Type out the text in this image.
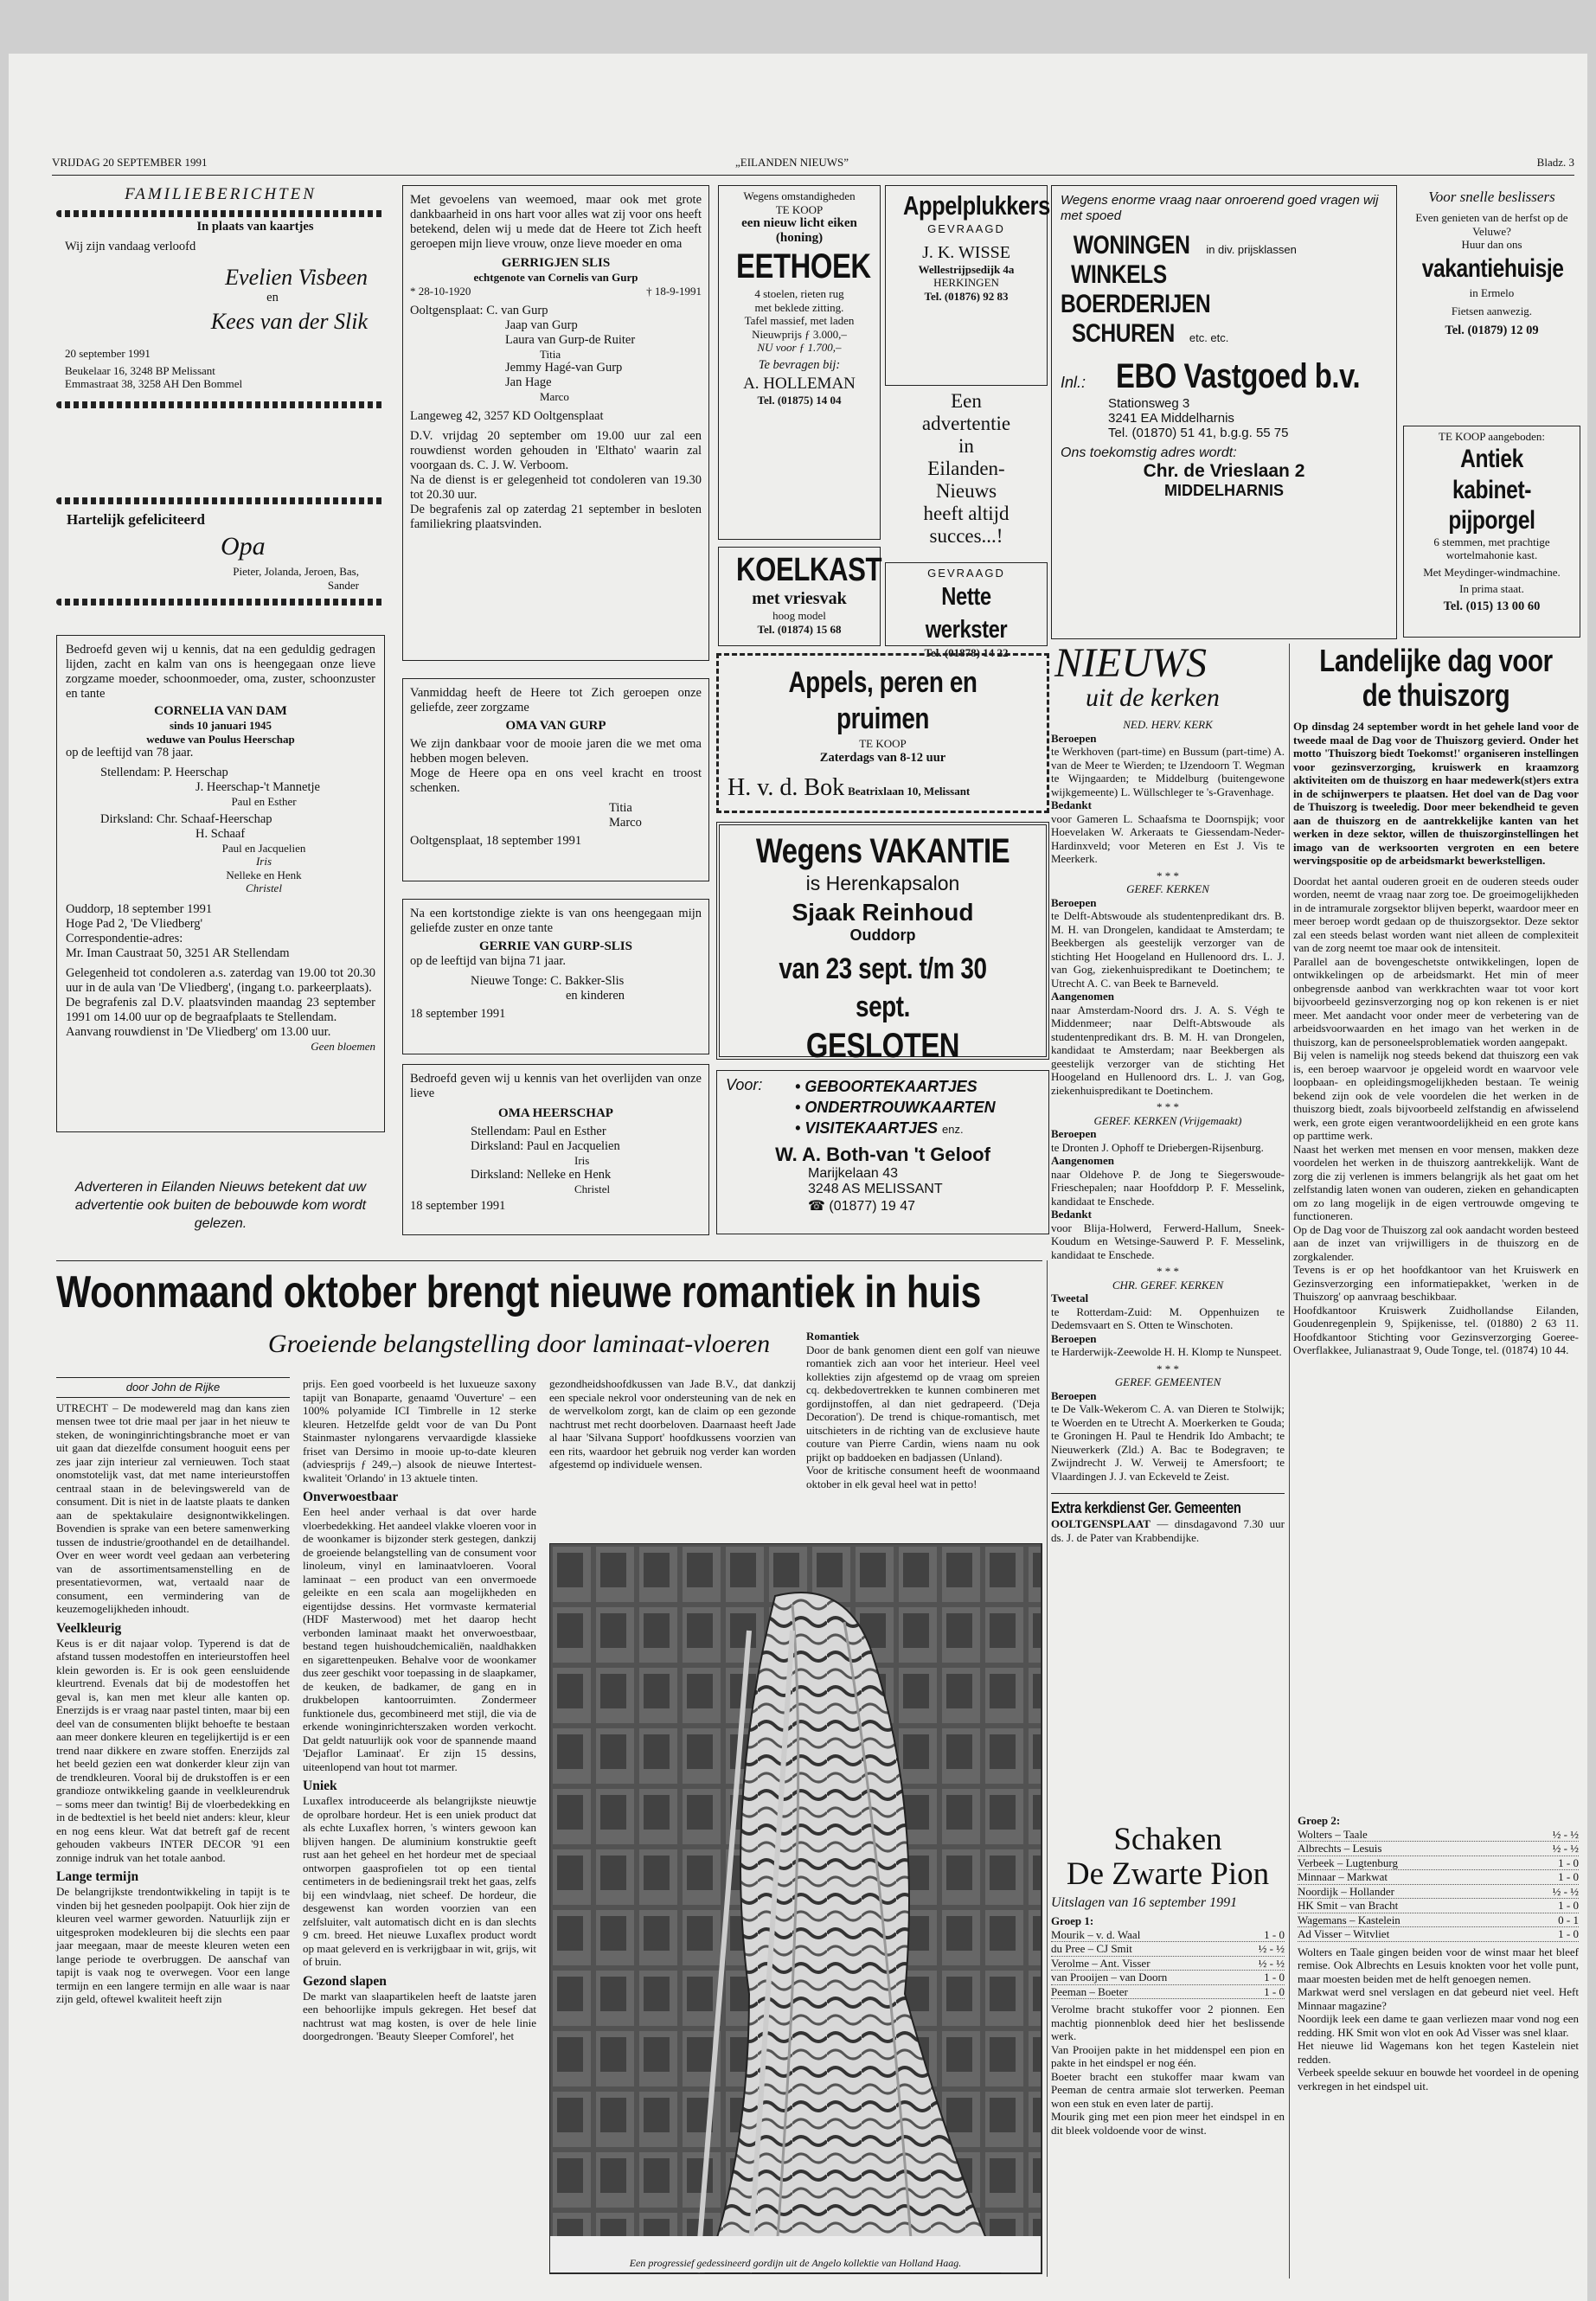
VRIJDAG 20 SEPTEMBER 1991	„EILANDEN NIEUWS”	Bladz. 3
FAMILIEBERICHTEN
In plaats van kaartjes
Wij zijn vandaag verloofd
Evelien Visbeen
en
Kees van der Slik
20 september 1991
Beukelaar 16, 3248 BP Melissant
Emmastraat 38, 3258 AH Den Bommel
Hartelijk gefeliciteerd
Opa
Pieter, Jolanda, Jeroen, Bas, Sander
Bedroefd geven wij u kennis, dat na een geduldig gedragen lijden, zacht en kalm van ons is heengegaan onze lieve zorgzame moeder, schoonmoeder, oma, zuster, schoonzuster en tante
CORNELIA VAN DAM
sinds 10 januari 1945
weduwe van Poulus Heerschap
op de leeftijd van 78 jaar.
Stellendam: P. Heerschap
J. Heerschap-'t Mannetje
Paul en Esther
Dirksland: Chr. Schaaf-Heerschap
H. Schaaf
Paul en Jacquelien
Iris
Nelleke en Henk
Christel
Ouddorp, 18 september 1991
Hoge Pad 2, 'De Vliedberg'
Correspondentie-adres:
Mr. Iman Caustraat 50, 3251 AR Stellendam
Gelegenheid tot condoleren a.s. zaterdag van 19.00 tot 20.30 uur in de aula van 'De Vliedberg', (ingang t.o. parkeerplaats).
De begrafenis zal D.V. plaatsvinden maandag 23 september 1991 om 14.00 uur op de begraafplaats te Stellendam.
Aanvang rouwdienst in 'De Vliedberg' om 13.00 uur.
Geen bloemen
Adverteren in Eilanden Nieuws betekent dat uw advertentie ook buiten de bebouwde kom wordt gelezen.
Met gevoelens van weemoed, maar ook met grote dankbaarheid in ons hart voor alles wat zij voor ons heeft betekend, delen wij u mede dat de Heere tot Zich heeft geroepen mijn lieve vrouw, onze lieve moeder en oma
GERRIGJEN SLIS
echtgenote van Cornelis van Gurp
* 28-10-1920	† 18-9-1991
Ooltgensplaat: C. van Gurp
Jaap van Gurp
Laura van Gurp-de Ruiter
Titia
Jemmy Hagé-van Gurp
Jan Hage
Marco
Langeweg 42, 3257 KD Ooltgensplaat
D.V. vrijdag 20 september om 19.00 uur zal een rouwdienst worden gehouden in 'Elthato' waarin zal voorgaan ds. C. J. W. Verboom.
Na de dienst is er gelegenheid tot condoleren van 19.30 tot 20.30 uur.
De begrafenis zal op zaterdag 21 september in besloten familiekring plaatsvinden.
Vanmiddag heeft de Heere tot Zich geroepen onze geliefde, zeer zorgzame
OMA VAN GURP
We zijn dankbaar voor de mooie jaren die we met oma hebben mogen beleven.
Moge de Heere opa en ons veel kracht en troost schenken.
Titia
Marco
Ooltgensplaat, 18 september 1991
Na een kortstondige ziekte is van ons heengegaan mijn geliefde zuster en onze tante
GERRIE VAN GURP-SLIS
op de leeftijd van bijna 71 jaar.
Nieuwe Tonge: C. Bakker-Slis
en kinderen
18 september 1991
Bedroefd geven wij u kennis van het overlijden van onze lieve
OMA HEERSCHAP
Stellendam: Paul en Esther
Dirksland: Paul en Jacquelien
Iris
Dirksland: Nelleke en Henk
Christel
18 september 1991
Wegens omstandigheden
TE KOOP
een nieuw licht eiken
(honing)
EETHOEK
4 stoelen, rieten rug
met beklede zitting.
Tafel massief, met laden
Nieuwprijs ƒ 3.000,–
NU voor ƒ 1.700,–
Te bevragen bij:
A. HOLLEMAN
Tel. (01875) 14 04
KOELKAST
met vriesvak
hoog model
Tel. (01874) 15 68
Appelplukkers
GEVRAAGD
J. K. WISSE
Wellestrijpsedijk 4a
HERKINGEN
Tel. (01876) 92 83
Een
advertentie
in
Eilanden-
Nieuws
heeft altijd
succes...!
GEVRAAGD
Nette werkster
Tel. (01878) 14 22
Appels, peren en pruimen
TE KOOP
Zaterdags van 8-12 uur
H. v. d. Bok Beatrixlaan 10, Melissant
Wegens VAKANTIE
is Herenkapsalon
Sjaak Reinhoud
Ouddorp
van 23 sept. t/m 30 sept.
GESLOTEN
Voor: • GEBOORTEKAARTJES
• ONDERTROUWKAARTEN
• VISITEKAARTJES enz.
W. A. Both-van 't Geloof
Marijkelaan 43
3248 AS MELISSANT
☎ (01877) 19 47
Wegens enorme vraag naar onroerend goed vragen wij met spoed
WONINGEN in div. prijsklassen
WINKELS
BOERDERIJEN
SCHUREN etc. etc.
Inl.: EBO Vastgoed b.v.
Stationsweg 3
3241 EA Middelharnis
Tel. (01870) 51 41, b.g.g. 55 75
Ons toekomstig adres wordt:
Chr. de Vrieslaan 2
MIDDELHARNIS
Voor snelle beslissers
Even genieten van de herfst op de Veluwe?
Huur dan ons
vakantiehuisje
in Ermelo
Fietsen aanwezig.
Tel. (01879) 12 09
TE KOOP aangeboden:
Antiek kabinet-
pijporgel
6 stemmen, met prachtige wortelmahonie kast.
Met Meydinger-windmachine.
In prima staat.
Tel. (015) 13 00 60
NIEUWS
uit de kerken
NED. HERV. KERK
Beroepen
te Werkhoven (part-time) en Bussum (part-time) A. van de Meer te Wierden; te IJzendoorn T. Wegman te Wijngaarden; te Middelburg (buitengewone wijkgemeente) L. Wüllschleger te 's-Gravenhage.
Bedankt
voor Gameren L. Schaafsma te Doornspijk; voor Hoevelaken W. Arkeraats te Giessendam-Neder-Hardinxveld; voor Meteren en Est J. Vis te Meerkerk.
* * *
GEREF. KERKEN
Beroepen
te Delft-Abtswoude als studentenpredikant drs. B. M. H. van Drongelen, kandidaat te Amsterdam; te Beekbergen als geestelijk verzorger van de stichting Het Hoogeland en Hullenoord drs. L. J. van Gog, ziekenhuispredikant te Doetinchem; te Utrecht A. C. van Beek te Barneveld.
Aangenomen
naar Amsterdam-Noord drs. J. A. S. Végh te Middenmeer; naar Delft-Abtswoude als studentenpredikant drs. B. M. H. van Drongelen, kandidaat te Amsterdam; naar Beekbergen als geestelijk verzorger van de stichting Het Hoogeland en Hullenoord drs. L. J. van Gog, ziekenhuispredikant te Doetinchem.
* * *
GEREF. KERKEN (Vrijgemaakt)
Beroepen
te Dronten J. Ophoff te Driebergen-Rijsenburg.
Aangenomen
naar Oldehove P. de Jong te Siegerswoude-Frieschepalen; naar Hoofddorp P. F. Messelink, kandidaat te Enschede.
Bedankt
voor Blija-Holwerd, Ferwerd-Hallum, Sneek-Koudum en Wetsinge-Sauwerd P. F. Messelink, kandidaat te Enschede.
* * *
CHR. GEREF. KERKEN
Tweetal
te Rotterdam-Zuid: M. Oppenhuizen te Dedemsvaart en S. Otten te Winschoten.
Beroepen
te Harderwijk-Zeewolde H. H. Klomp te Nunspeet.
* * *
GEREF. GEMEENTEN
Beroepen
te De Valk-Wekerom C. A. van Dieren te Stolwijk; te Woerden en te Utrecht A. Moerkerken te Gouda; te Groningen H. Paul te Hendrik Ido Ambacht; te Nieuwerkerk (Zld.) A. Bac te Bodegraven; te Zwijndrecht J. W. Verweij te Amersfoort; te Vlaardingen J. J. van Eckeveld te Zeist.
Extra kerkdienst Ger. Gemeenten
OOLTGENSPLAAT — dinsdagavond 7.30 uur ds. J. de Pater van Krabbendijke.
Landelijke dag voor de thuiszorg
Op dinsdag 24 september wordt in het gehele land voor de tweede maal de Dag voor de Thuiszorg gevierd. Onder het motto 'Thuiszorg biedt Toekomst!' organiseren instellingen voor gezinsverzorging, kruiswerk en kraamzorg aktiviteiten om de thuiszorg en haar medewerk(st)ers extra in de schijnwerpers te plaatsen. Het doel van de Dag voor de Thuiszorg is tweeledig. Door meer bekendheid te geven aan de thuiszorg en de aantrekkelijke kanten van het werken in deze sektor, willen de thuiszorginstellingen het imago van de werksoorten vergroten en een betere wervingspositie op de arbeidsmarkt bewerkstelligen.
Doordat het aantal ouderen groeit en de ouderen steeds ouder worden, neemt de vraag naar zorg toe. De groeimogelijkheden in de intramurale zorgsektor blijven beperkt, waardoor meer en meer beroep wordt gedaan op de thuiszorgsektor. Deze sektor zal een steeds belast worden want niet alleen de complexiteit van de zorg neemt toe maar ook de intensiteit.
Parallel aan de bovengeschetste ontwikkelingen, lopen de ontwikkelingen op de arbeidsmarkt. Het min of meer onbegrensde aanbod van werkkrachten waar tot voor kort bijvoorbeeld gezinsverzorging nog op kon rekenen is er niet meer. Met aandacht voor onder meer de verbetering van de arbeidsvoorwaarden en het imago van het werken in de thuiszorg, kan de personeelsproblematiek worden aangepakt.
Bij velen is namelijk nog steeds bekend dat thuiszorg een vak is, een beroep waarvoor je opgeleid wordt en waarvoor vele loopbaan- en opleidingsmogelijkheden bestaan. Te weinig bekend zijn ook de vele voordelen die het werken in de thuiszorg biedt, zoals bijvoorbeeld zelfstandig en afwisselend werk, een grote eigen verantwoordelijkheid en een grote kans op parttime werk.
Naast het werken met mensen en voor mensen, makken deze voordelen het werken in de thuiszorg aantrekkelijk. Want de zorg die zij verlenen is immers belangrijk als het gaat om het zelfstandig laten wonen van ouderen, zieken en gehandicapten om zo lang mogelijk in de eigen vertrouwde omgeving te functioneren.
Op de Dag voor de Thuiszorg zal ook aandacht worden besteed aan de inzet van vrijwilligers in de thuiszorg en de zorgkalender.
Tevens is er op het hoofdkantoor van het Kruiswerk en Gezinsverzorging een informatiepakket, 'werken in de Thuiszorg' op aanvraag beschikbaar.
Hoofdkantoor Kruiswerk Zuidhollandse Eilanden, Goudenregenplein 9, Spijkenisse, tel. (01880) 2 63 11. Hoofdkantoor Stichting voor Gezinsverzorging Goeree-Overflakkee, Julianastraat 9, Oude Tonge, tel. (01874) 10 44.
Woonmaand oktober brengt nieuwe romantiek in huis
Groeiende belangstelling door laminaat-vloeren
door John de Rijke
UTRECHT – De modewereld mag dan kans zien mensen twee tot drie maal per jaar in het nieuw te steken, de woninginrichtingsbranche moet er van uit gaan dat diezelfde consument hooguit eens per zes jaar zijn interieur zal vernieuwen. Toch staat onomstotelijk vast, dat met name interieurstoffen centraal staan in de belevingswereld van de consument. Dit is niet in de laatste plaats te danken aan de spektakulaire designontwikkelingen. Bovendien is sprake van een betere samenwerking tussen de industrie/groothandel en de detailhandel. Over en weer wordt veel gedaan aan verbetering van de assortimentsamenstelling en de presentatievormen, wat, vertaald naar de consument, een vermindering van de keuzemogelijkheden inhoudt.
Veelkleurig
Keus is er dit najaar volop. Typerend is dat de afstand tussen modestoffen en interieurstoffen heel klein geworden is. Er is ook geen eensluidende kleurtrend. Evenals dat bij de modestoffen het geval is, kan men met kleur alle kanten op. Enerzijds is er vraag naar pastel tinten, maar bij een deel van de consumenten blijkt behoefte te bestaan aan meer donkere kleuren en tegelijkertijd is er een trend naar dikkere en zware stoffen. Enerzijds zal het beeld gezien een wat donkerder kleur zijn van de trendkleuren. Vooral bij de drukstoffen is er een grandioze ontwikkeling gaande in veelkleurendruk – soms meer dan twintig! Bij de vloerbedekking en in de bedtextiel is het beeld niet anders: kleur, kleur en nog eens kleur. Wat dat betreft gaf de recent gehouden vakbeurs INTER DECOR '91 een zonnige indruk van het totale aanbod.
Lange termijn
De belangrijkste trendontwikkeling in tapijt is te vinden bij het gesneden poolpapijt. Ook hier zijn de kleuren veel warmer geworden. Natuurlijk zijn er uitgesproken modekleuren bij die slechts een paar jaar meegaan, maar de meeste kleuren weten een lange periode te overbruggen. De aanschaf van tapijt is vaak nog te overwegen. Voor een lange termijn en een langere termijn en alle waar is naar zijn geld, oftewel kwaliteit heeft zijn
prijs. Een goed voorbeeld is het luxueuze saxony tapijt van Bonaparte, genaamd 'Ouverture' – een 100% polyamide ICI Timbrelle in 12 sterke kleuren. Hetzelfde geldt voor de van Du Pont Stainmaster nylongarens vervaardigde klassieke friset van Dersimo in mooie up-to-date kleuren (adviesprijs ƒ 249,–) alsook de nieuwe Intertest-kwaliteit 'Orlando' in 13 aktuele tinten.
Onverwoestbaar
Een heel ander verhaal is dat over harde vloerbedekking. Het aandeel vlakke vloeren voor in de woonkamer is bijzonder sterk gestegen, dankzij de groeiende belangstelling van de consument voor linoleum, vinyl en laminaatvloeren. Vooral laminaat – een product van een onvermoede geleikte en een scala aan mogelijkheden en eigentijdse dessins. Het vormvaste kermaterial (HDF Masterwood) met het daarop hecht verbonden laminaat maakt het onverwoestbaar, bestand tegen huishoudchemicaliën, naaldhakken en sigarettenpeuken. Behalve voor de woonkamer dus zeer geschikt voor toepassing in de slaapkamer, de keuken, de badkamer, de gang en in drukbelopen kantoorruimten. Zondermeer funktionele dus, gecombineerd met stijl, die via de erkende woninginrichterszaken worden verkocht. Dat geldt natuurlijk ook voor de spannende maand 'Dejaflor Laminaat'. Er zijn 15 dessins, uiteenlopend van hout tot marmer.
Uniek
Luxaflex introduceerde als belangrijkste nieuwtje de oprolbare hordeur. Het is een uniek product dat als echte Luxaflex horren, 's winters gewoon kan blijven hangen. De aluminium konstruktie geeft rust aan het geheel en het hordeur met de speciaal ontworpen gaasprofielen tot op een tiental centimeters in de bedieningsrail trekt het gaas, zelfs bij een windvlaag, niet scheef. De hordeur, die desgewenst kan worden voorzien van een zelfsluiter, valt automatisch dicht en is dan slechts 9 cm. breed. Het nieuwe Luxaflex product wordt op maat geleverd en is verkrijgbaar in wit, grijs, wit of bruin.
Gezond slapen
De markt van slaapartikelen heeft de laatste jaren een behoorlijke impuls gekregen. Het besef dat nachtrust wat mag kosten, is over de hele linie doorgedrongen. 'Beauty Sleeper Comforel', het
gezondheidshoofdkussen van Jade B.V., dat dankzij een speciale nekrol voor ondersteuning van de nek en de wervelkolom zorgt, kan de claim op een gezonde nachtrust met recht doorbeloven. Daarnaast heeft Jade al haar 'Silvana Support' hoofdkussens voorzien van een rits, waardoor het gebruik nog verder kan worden afgestemd op individuele wensen.
Romantiek
Door de bank genomen dient een golf van nieuwe romantiek zich aan voor het interieur. Heel veel kollekties zijn afgestemd op de vraag om spreien cq. dekbedovertrekken te kunnen combineren met gordijnstoffen, al dan niet gedrapeerd. ('Deja Decoration'). De trend is chique-romantisch, met uitschieters in de richting van de exclusieve haute couture van Pierre Cardin, wiens naam nu ook prijkt op baddoeken en badjassen (Unland).
Voor de kritische consument heeft de woonmaand oktober in elk geval heel wat in petto!
Een progressief gedessineerd gordijn uit de Angelo kollektie van Holland Haag.
Schaken
De Zwarte Pion
Uitslagen van 16 september 1991
Groep 1:
Mourik – v. d. Waal	1 - 0
du Pree – CJ Smit	½ - ½
Verolme – Ant. Visser	½ - ½
van Prooijen – van Doorn	1 - 0
Peeman – Boeter	1 - 0
Verolme bracht stukoffer voor 2 pionnen. Een machtig pionnenblok deed hier het beslissende werk.
Van Prooijen pakte in het middenspel een pion en pakte in het eindspel er nog één.
Boeter bracht een stukoffer maar kwam van Peeman de centra armaie slot terwerken. Peeman won een stuk en even later de partij.
Mourik ging met een pion meer het eindspel in en dit bleek voldoende voor de winst.
Groep 2:
Wolters – Taale	½ - ½
Albrechts – Lesuis	½ - ½
Verbeek – Lugtenburg	1 - 0
Minnaar – Markwat	1 - 0
Noordijk – Hollander	½ - ½
HK Smit – van Bracht	1 - 0
Wagemans – Kastelein	0 - 1
Ad Visser – Witvliet	1 - 0
Wolters en Taale gingen beiden voor de winst maar het bleef remise. Ook Albrechts en Lesuis knokten voor het volle punt, maar moesten beiden met de helft genoegen nemen.
Markwat werd snel verslagen en dat gebeurd niet veel. Heft Minnaar magazine?
Noordijk leek een dame te gaan verliezen maar vond nog een redding. HK Smit won vlot en ook Ad Visser was snel klaar.
Het nieuwe lid Wagemans kon het tegen Kastelein niet redden.
Verbeek speelde sekuur en bouwde het voordeel in de opening verkregen in het eindspel uit.
